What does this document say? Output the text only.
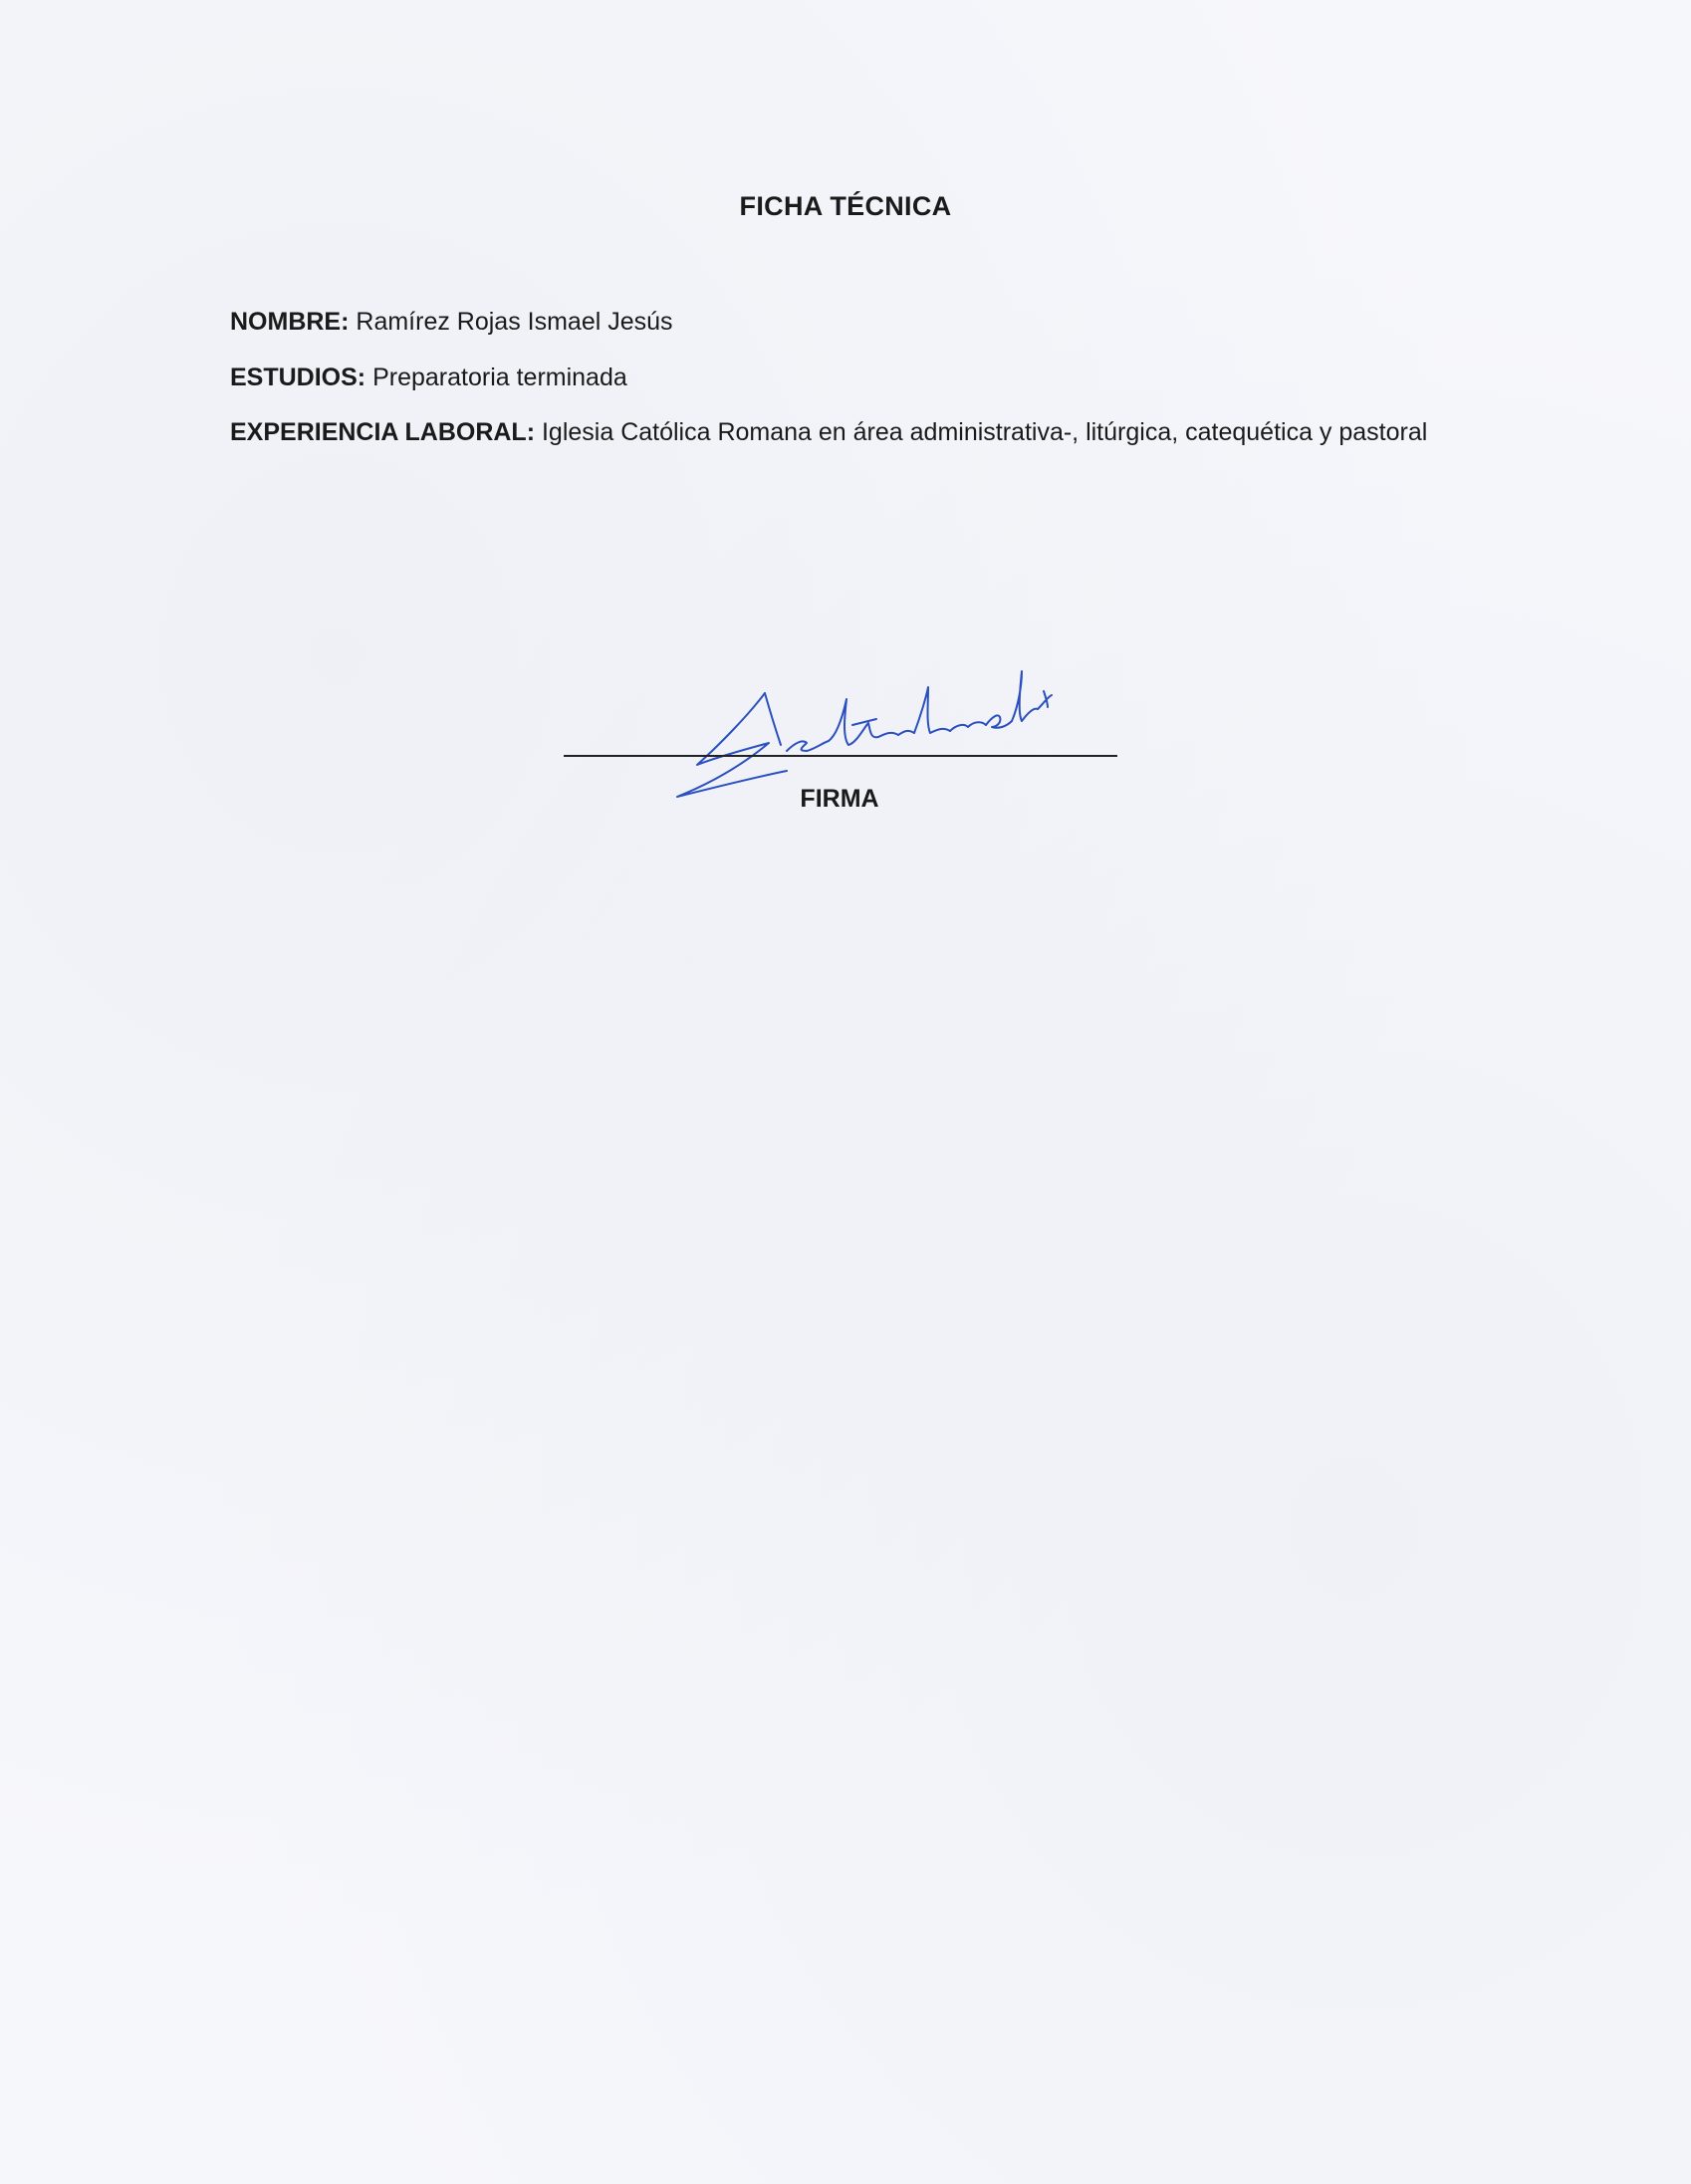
FICHA TÉCNICA
NOMBRE: Ramírez Rojas Ismael Jesús
ESTUDIOS: Preparatoria terminada
EXPERIENCIA LABORAL: Iglesia Católica Romana en área administrativa-, litúrgica, catequética y pastoral
FIRMA
